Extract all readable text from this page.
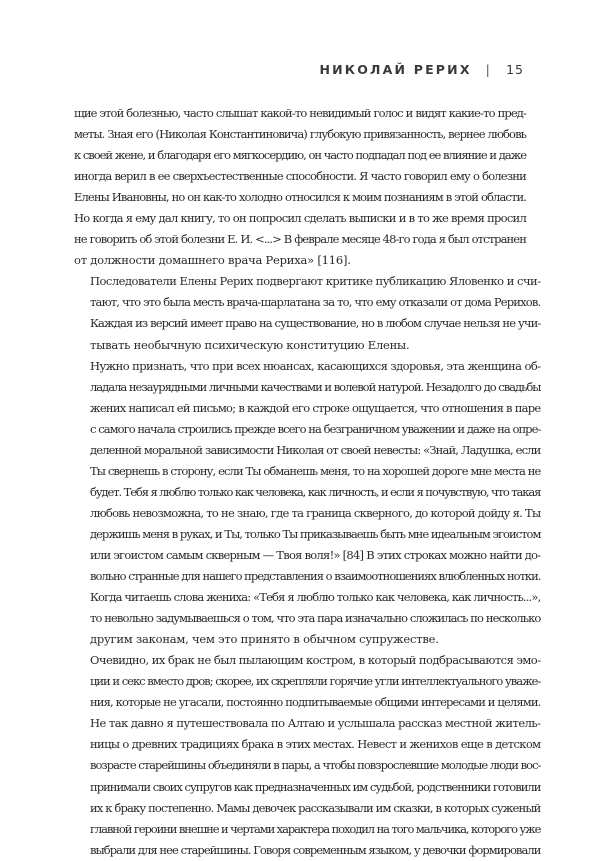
НИКОЛАЙ РЕРИХ | 15

щие этой болезнью, часто слышат какой-то невидимый голос и видят какие-то пред-
меты. Зная его (Николая Константиновича) глубокую привязанность, вернее любовь
к своей жене, и благодаря его мягкосердию, он часто подпадал под ее влияние и даже
иногда верил в ее сверхъестественные способности. Я часто говорил ему о болезни
Елены Ивановны, но он как-то холодно относился к моим познаниям в этой области.
Но когда я ему дал книгу, то он попросил сделать выписки и в то же время просил
не говорить об этой болезни Е. И. <...> В феврале месяце 48-го года я был отстранен
от должности домашнего врача Рериха» [116].

Последователи Елены Рерих подвергают критике публикацию Яловенко и счи-
тают, что это была месть врача-шарлатана за то, что ему отказали от дома Рерихов.
Каждая из версий имеет право на существование, но в любом случае нельзя не учи-
тывать необычную психическую конституцию Елены.

Нужно признать, что при всех нюансах, касающихся здоровья, эта женщина об-
ладала незаурядными личными качествами и волевой натурой. Незадолго до свадьбы
жених написал ей письмо; в каждой его строке ощущается, что отношения в паре
с самого начала строились прежде всего на безграничном уважении и даже на опре-
деленной моральной зависимости Николая от своей невесты: «Знай, Ладушка, если
Ты свернешь в сторону, если Ты обманешь меня, то на хорошей дороге мне места не
будет. Тебя я люблю только как человека, как личность, и если я почувствую, что такая
любовь невозможна, то не знаю, где та граница скверного, до которой дойду я. Ты
держишь меня в руках, и Ты, только Ты приказываешь быть мне идеальным эгоистом
или эгоистом самым скверным — Твоя воля!» [84] В этих строках можно найти до-
вольно странные для нашего представления о взаимоотношениях влюбленных нотки.
Когда читаешь слова жениха: «Тебя я люблю только как человека, как личность...»,
то невольно задумываешься о том, что эта пара изначально сложилась по несколько
другим законам, чем это принято в обычном супружестве.

Очевидно, их брак не был пылающим костром, в который подбрасываются эмо-
ции и секс вместо дров; скорее, их скрепляли горячие угли интеллектуального уваже-
ния, которые не угасали, постоянно подпитываемые общими интересами и целями.

Не так давно я путешествовала по Алтаю и услышала рассказ местной житель-
ницы о древних традициях брака в этих местах. Невест и женихов еще в детском
возрасте старейшины объединяли в пары, а чтобы повзрослевшие молодые люди вос-
принимали своих супругов как предназначенных им судьбой, родственники готовили
их к браку постепенно. Мамы девочек рассказывали им сказки, в которых суженый
главной героини внешне и чертами характера походил на того мальчика, которого уже
выбрали для нее старейшины. Говоря современным языком, у девочки формировали
